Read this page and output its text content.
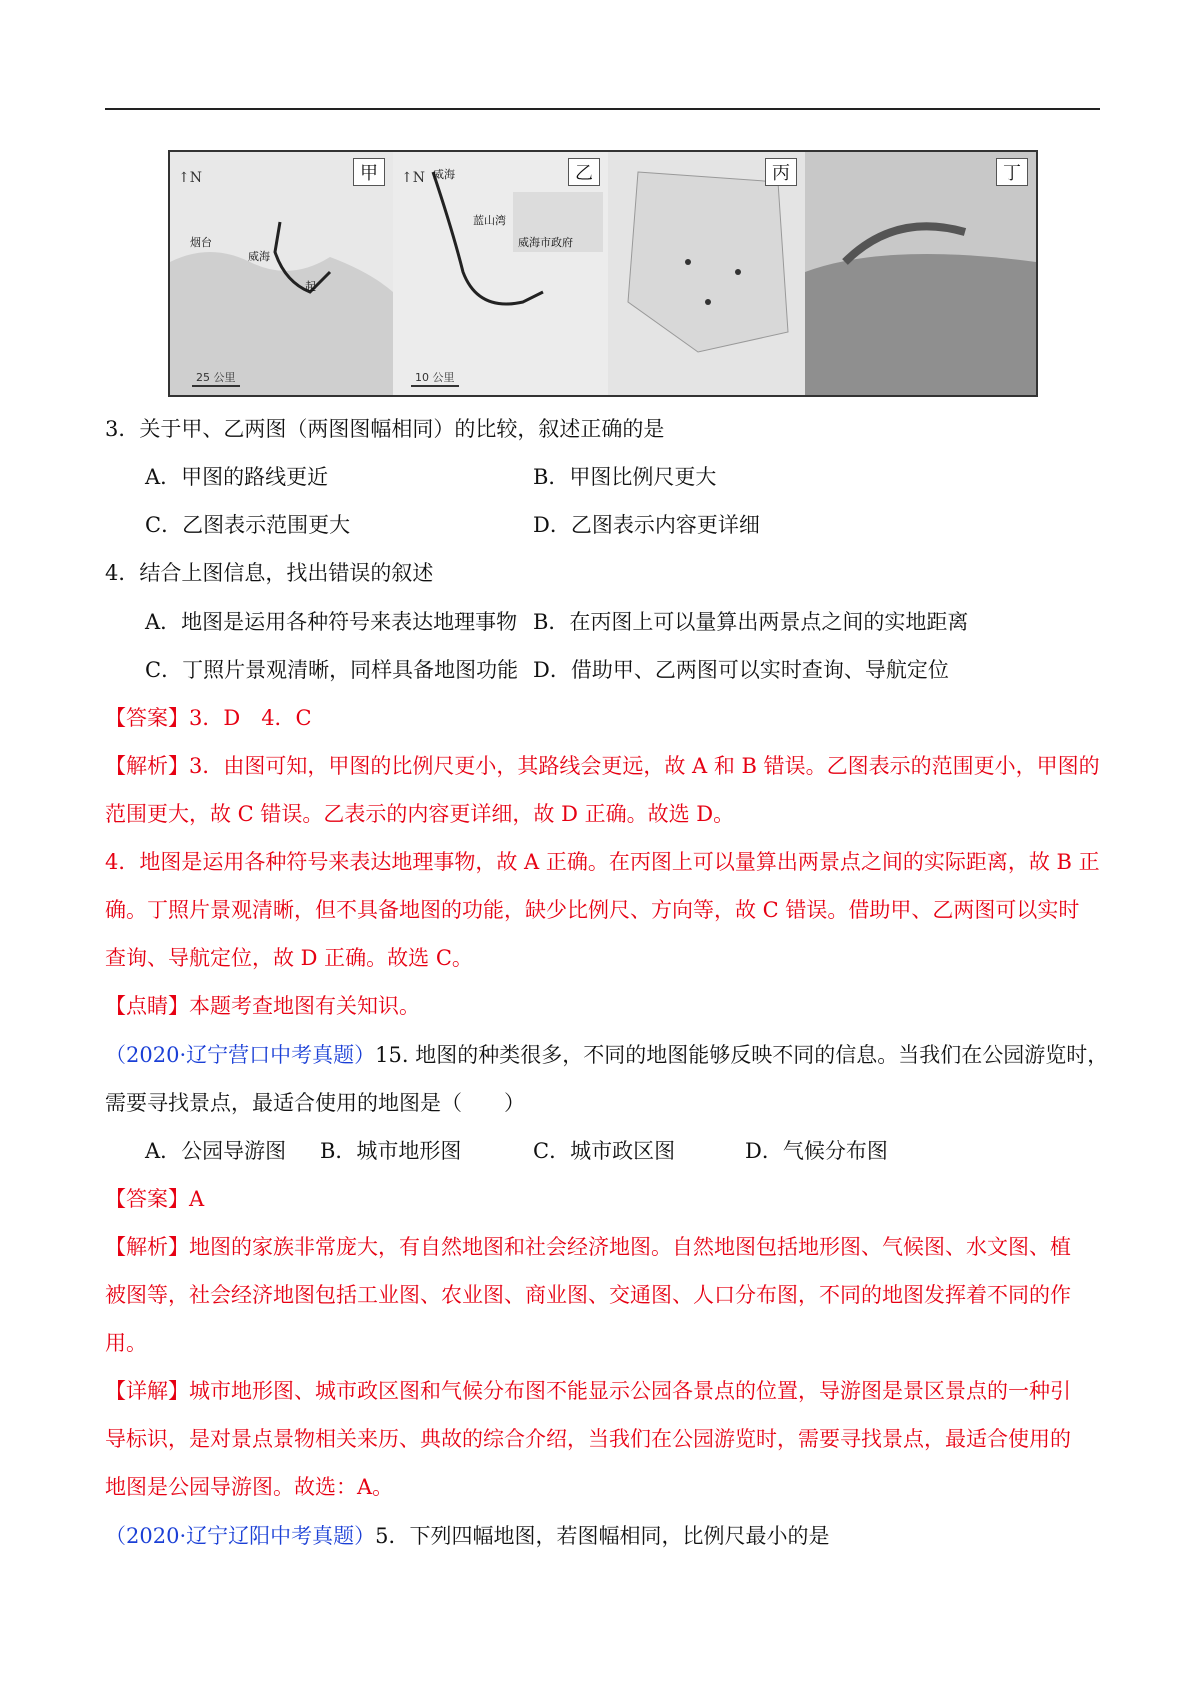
↑N	甲
烟台
威海
起
25 公里
↑N	乙
威海
蓝山湾
威海市政府
10 公里
丙	丁
3．关于甲、乙两图（两图图幅相同）的比较，叙述正确的是
A．甲图的路线更近	B．甲图比例尺更大
C．乙图表示范围更大	D．乙图表示内容更详细
4．结合上图信息，找出错误的叙述
A．地图是运用各种符号来表达地理事物 B．在丙图上可以量算出两景点之间的实地距离
C．丁照片景观清晰，同样具备地图功能 D．借助甲、乙两图可以实时查询、导航定位
【答案】3．D　4．C
【解析】3．由图可知，甲图的比例尺更小，其路线会更远，故 A 和 B 错误。乙图表示的范围更小，甲图的
范围更大，故 C 错误。乙表示的内容更详细，故 D 正确。故选 D。
4．地图是运用各种符号来表达地理事物，故 A 正确。在丙图上可以量算出两景点之间的实际距离，故 B 正
确。丁照片景观清晰，但不具备地图的功能，缺少比例尺、方向等，故 C 错误。借助甲、乙两图可以实时
查询、导航定位，故 D 正确。故选 C。
【点睛】本题考查地图有关知识。
（2020·辽宁营口中考真题）15. 地图的种类很多，不同的地图能够反映不同的信息。当我们在公园游览时，
需要寻找景点，最适合使用的地图是（　　）
A．公园导游图 B．城市地形图	C．城市政区图	D．气候分布图
【答案】A
【解析】地图的家族非常庞大，有自然地图和社会经济地图。自然地图包括地形图、气候图、水文图、植
被图等，社会经济地图包括工业图、农业图、商业图、交通图、人口分布图，不同的地图发挥着不同的作
用。
【详解】城市地形图、城市政区图和气候分布图不能显示公园各景点的位置，导游图是景区景点的一种引
导标识，是对景点景物相关来历、典故的综合介绍，当我们在公园游览时，需要寻找景点，最适合使用的
地图是公园导游图。故选：A。
（2020·辽宁辽阳中考真题）5．下列四幅地图，若图幅相同，比例尺最小的是
